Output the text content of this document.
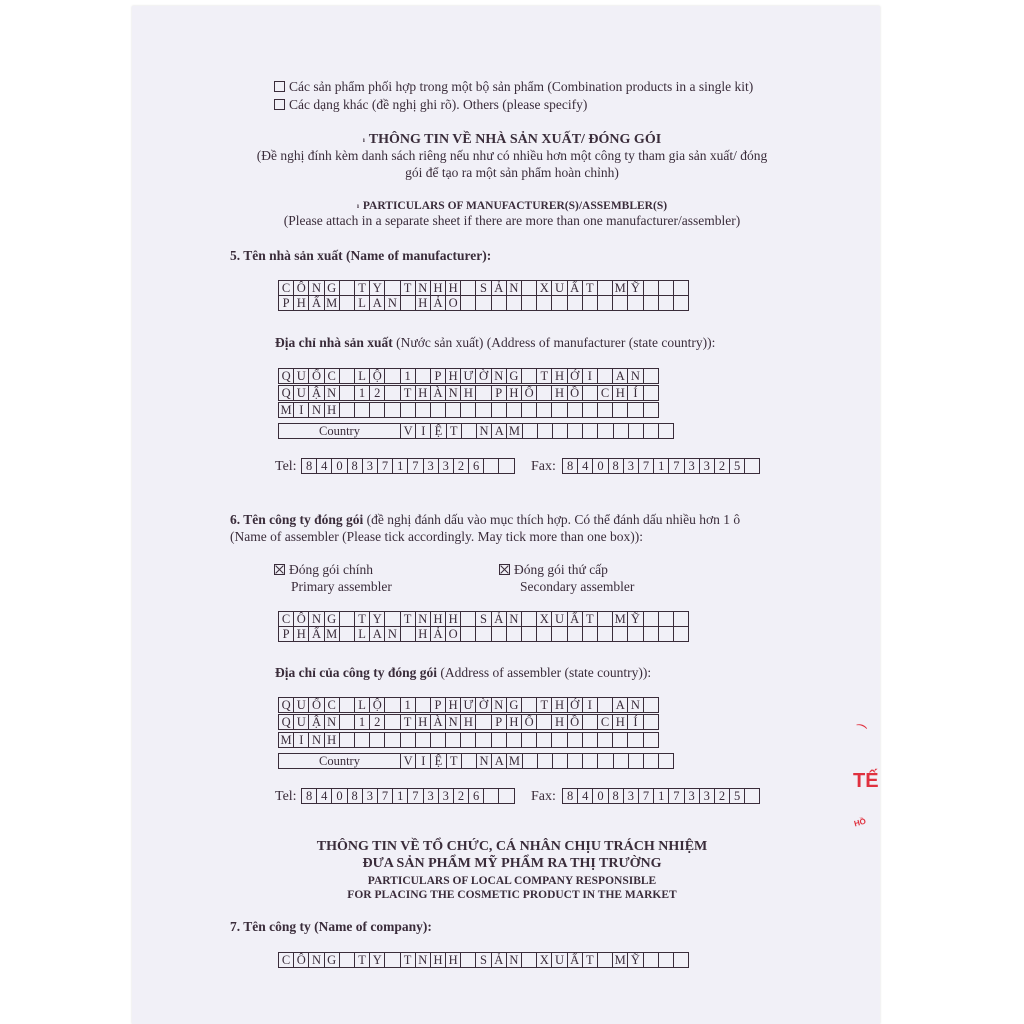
Các sản phẩm phối hợp trong một bộ sản phẩm (Combination products in a single kit)
Các dạng khác (đề nghị ghi rõ). Others (please specify)
$^ı$ THÔNG TIN VỀ NHÀ SẢN XUẤT/ ĐÓNG GÓI
(Đề nghị đính kèm danh sách riêng nếu như có nhiều hơn một công ty tham gia sản xuất/ đóng
gói để tạo ra một sản phẩm hoàn chỉnh)
$^ı$ PARTICULARS OF MANUFACTURER(S)/ASSEMBLER(S)
(Please attach in a separate sheet if there are more than one manufacturer/assembler)
5. Tên nhà sản xuất (Name of manufacturer):
C Ô N G	T Y	T N H H	S Ả N X U Ấ T	M Ỹ
P H Ẩ M	L A N H Ả O
Địa chỉ nhà sản xuất (Nước sản xuất) (Address of manufacturer (state country)):
Q U Ố C	L Ộ	1	P H Ư Ờ N G	T H Ớ I	A N
Q U Ậ N	1 2	T H À N H	P H Ố H Ồ	C H Í
M I N H
Country	V I Ệ T	N A M
Tel: 8 4 0 8 3 7 1 7 3 3 2 6	Fax: 8 4 0 8 3 7 1 7 3 3 2 5
6. Tên công ty đóng gói (đề nghị đánh dấu vào mục thích hợp. Có thể đánh dấu nhiều hơn 1 ô
(Name of assembler (Please tick accordingly. May tick more than one box)):
Đóng gói chính
Primary assembler
Đóng gói thứ cấp
Secondary assembler
C Ô N G	T Y	T N H H	S Ả N X U Ấ T	M Ỹ
P H Ẩ M	L A N H Ả O
Địa chỉ của công ty đóng gói (Address of assembler (state country)):
Q U Ố C	L Ộ	1	P H Ư Ờ N G	T H Ớ I	A N
Q U Ậ N	1 2	T H À N H	P H Ố H Ồ	C H Í
M I N H
Country	V I Ệ T	N A M
Tel: 8 4 0 8 3 7 1 7 3 3 2 6	Fax: 8 4 0 8 3 7 1 7 3 3 2 5
THÔNG TIN VỀ TỔ CHỨC, CÁ NHÂN CHỊU TRÁCH NHIỆM
ĐƯA SẢN PHẨM MỸ PHẨM RA THỊ TRƯỜNG
PARTICULARS OF LOCAL COMPANY RESPONSIBLE
FOR PLACING THE COSMETIC PRODUCT IN THE MARKET
7. Tên công ty (Name of company):
C Ô N G	T Y	T N H H	S Ả N X U Ấ T	M Ỹ
⌒
TẾ
HỒ
